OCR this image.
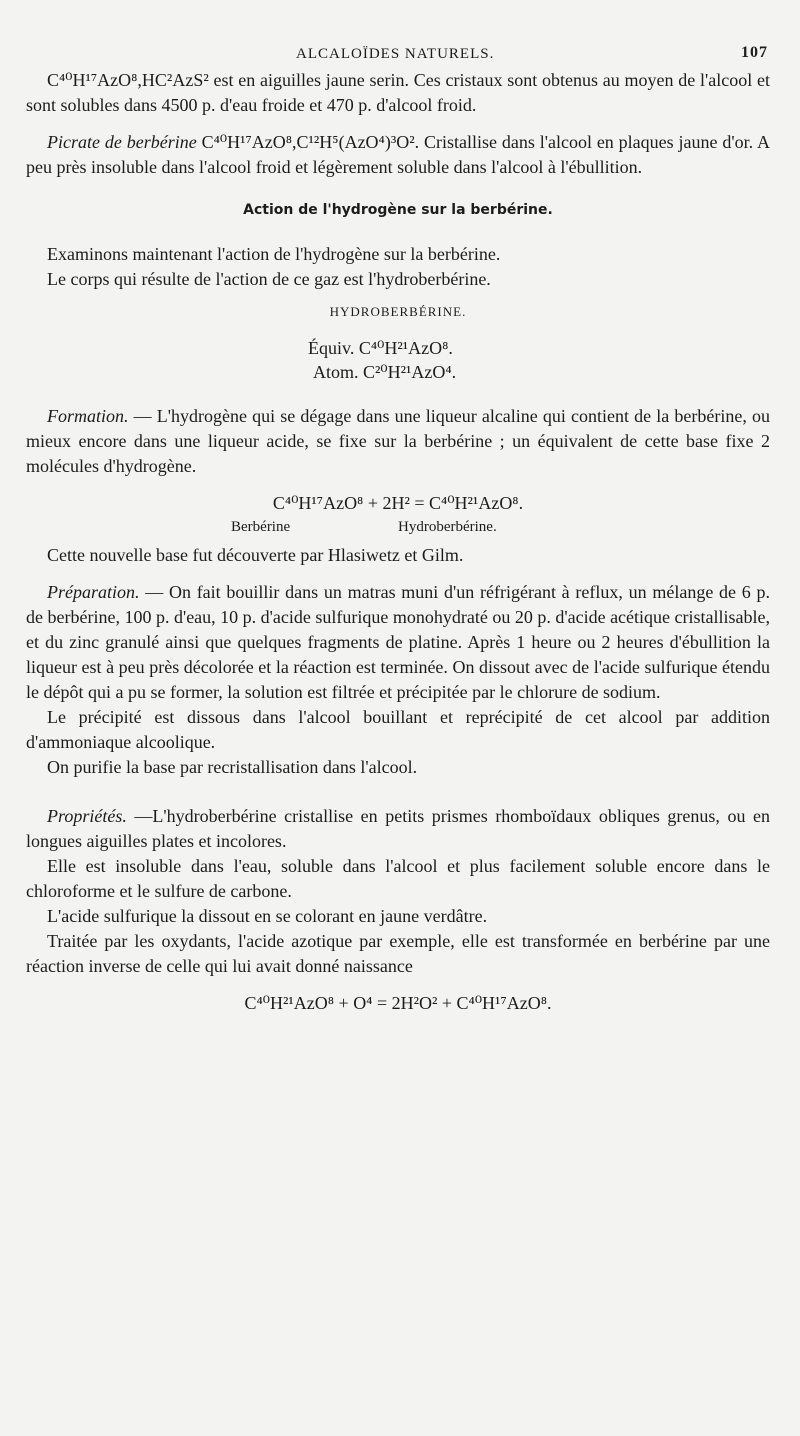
ALCALOÏDES NATURELS.	107

C⁴⁰H¹⁷AzO⁸,HC²AzS² est en aiguilles jaune serin. Ces cristaux sont obtenus au moyen de l'alcool et sont solubles dans 4500 p. d'eau froide et 470 p. d'alcool froid.

Picrate de berbérine C⁴⁰H¹⁷AzO⁸,C¹²H⁵(AzO⁴)³O². Cristallise dans l'alcool en plaques jaune d'or. A peu près insoluble dans l'alcool froid et légèrement soluble dans l'alcool à l'ébullition.

Action de l'hydrogène sur la berbérine.

Examinons maintenant l'action de l'hydrogène sur la berbérine.

Le corps qui résulte de l'action de ce gaz est l'hydroberbérine.

HYDROBERBÉRINE.
Équiv. C⁴⁰H²¹AzO⁸.
Atom. C²⁰H²¹AzO⁴.

Formation. — L'hydrogène qui se dégage dans une liqueur alcaline qui contient de la berbérine, ou mieux encore dans une liqueur acide, se fixe sur la berbérine ; un équivalent de cette base fixe 2 molécules d'hydrogène.

C⁴⁰H¹⁷AzO⁸ + 2H² = C⁴⁰H²¹AzO⁸.
Berbérine	Hydroberbérine.

Cette nouvelle base fut découverte par Hlasiwetz et Gilm.

Préparation. — On fait bouillir dans un matras muni d'un réfrigérant à reflux, un mélange de 6 p. de berbérine, 100 p. d'eau, 10 p. d'acide sulfurique monohydraté ou 20 p. d'acide acétique cristallisable, et du zinc granulé ainsi que quelques fragments de platine. Après 1 heure ou 2 heures d'ébullition la liqueur est à peu près décolorée et la réaction est terminée. On dissout avec de l'acide sulfurique étendu le dépôt qui a pu se former, la solution est filtrée et précipitée par le chlorure de sodium.

Le précipité est dissous dans l'alcool bouillant et reprécipité de cet alcool par addition d'ammoniaque alcoolique.

On purifie la base par recristallisation dans l'alcool.

Propriétés. —L'hydroberbérine cristallise en petits prismes rhomboïdaux obliques grenus, ou en longues aiguilles plates et incolores.

Elle est insoluble dans l'eau, soluble dans l'alcool et plus facilement soluble encore dans le chloroforme et le sulfure de carbone.

L'acide sulfurique la dissout en se colorant en jaune verdâtre.

Traitée par les oxydants, l'acide azotique par exemple, elle est transformée en berbérine par une réaction inverse de celle qui lui avait donné naissance

C⁴⁰H²¹AzO⁸ + O⁴ = 2H²O² + C⁴⁰H¹⁷AzO⁸.
